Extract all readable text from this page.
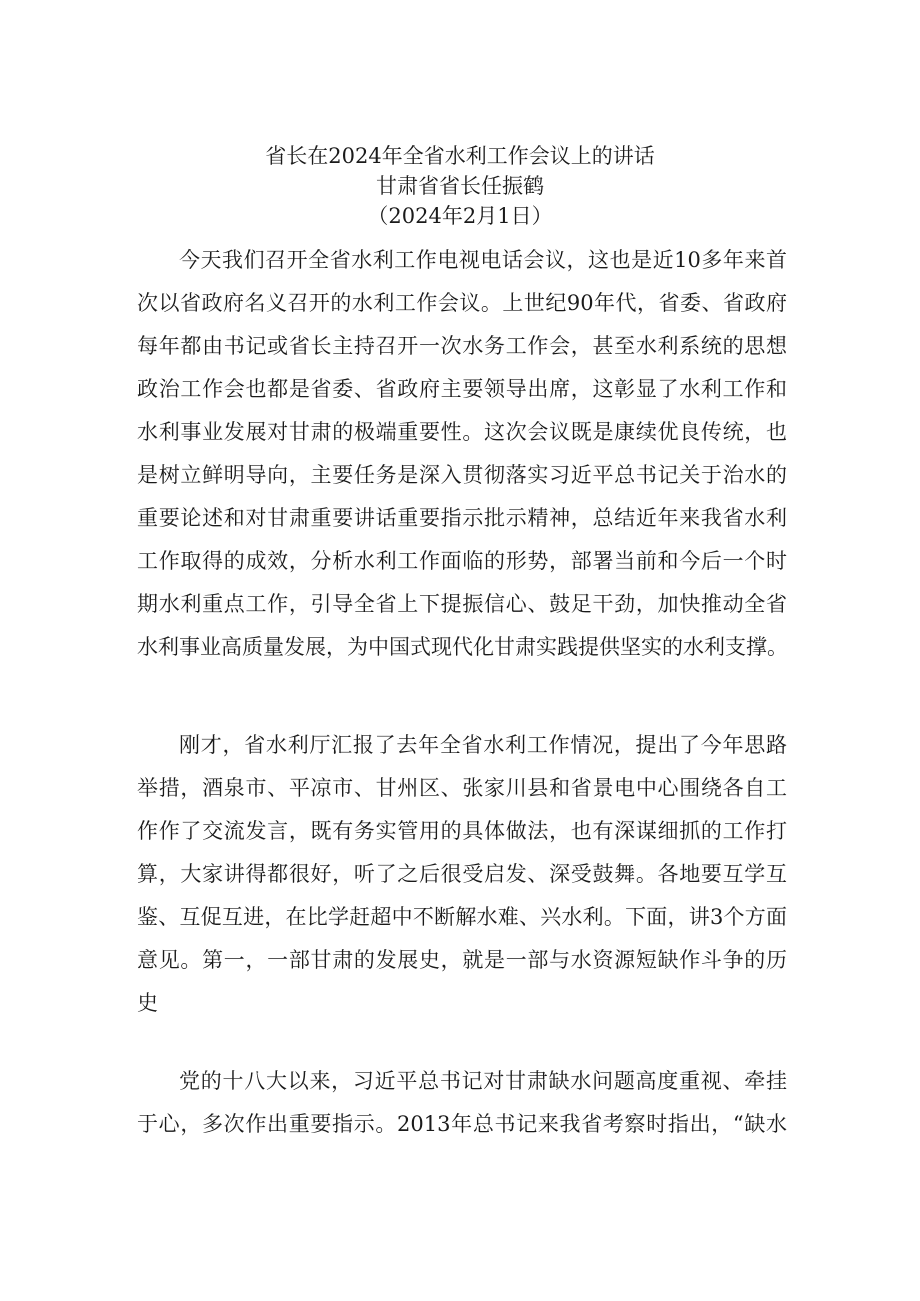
省长在2024年全省水利工作会议上的讲话
甘肃省省长任振鹤
（2024年2月1日）
今天我们召开全省水利工作电视电话会议，这也是近10多年来首
次以省政府名义召开的水利工作会议。上世纪90年代，省委、省政府
每年都由书记或省长主持召开一次水务工作会，甚至水利系统的思想
政治工作会也都是省委、省政府主要领导出席，这彰显了水利工作和
水利事业发展对甘肃的极端重要性。这次会议既是康续优良传统，也
是树立鲜明导向，主要任务是深入贯彻落实习近平总书记关于治水的
重要论述和对甘肃重要讲话重要指示批示精神，总结近年来我省水利
工作取得的成效，分析水利工作面临的形势，部署当前和今后一个时
期水利重点工作，引导全省上下提振信心、鼓足干劲，加快推动全省
水利事业高质量发展，为中国式现代化甘肃实践提供坚实的水利支撑。
刚才，省水利厅汇报了去年全省水利工作情况，提出了今年思路
举措，酒泉市、平凉市、甘州区、张家川县和省景电中心围绕各自工
作作了交流发言，既有务实管用的具体做法，也有深谋细抓的工作打
算，大家讲得都很好，听了之后很受启发、深受鼓舞。各地要互学互
鉴、互促互进，在比学赶超中不断解水难、兴水利。下面，讲3个方面
意见。第一，一部甘肃的发展史，就是一部与水资源短缺作斗争的历
史
党的十八大以来，习近平总书记对甘肃缺水问题高度重视、牵挂
于心，多次作出重要指示。2013年总书记来我省考察时指出，“缺水
